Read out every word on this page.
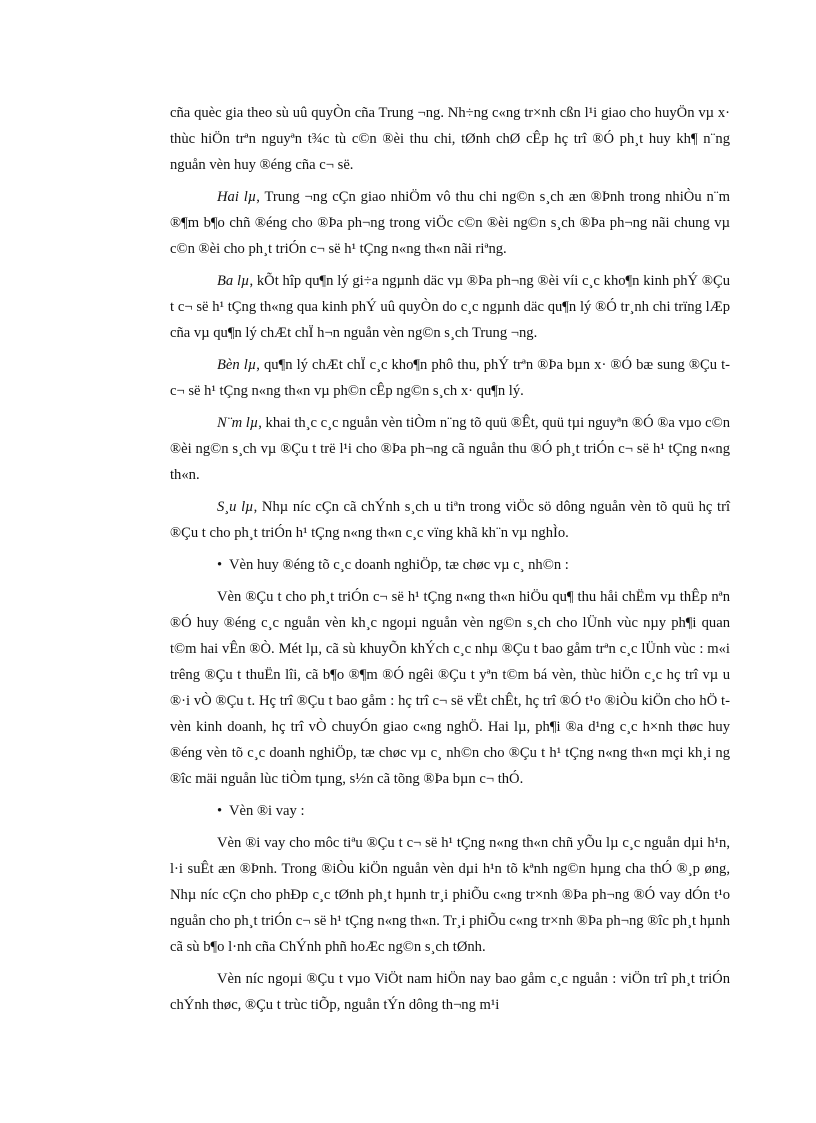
cña quèc gia theo sù uû quyÒn cña Trung ¬ng. Nh÷ng c«ng tr×nh cßn l¹i giao cho huyÖn vµ x· thùc hiÖn trªn nguyªn t¾c tù c©n ®èi thu chi, tØnh chØ cÊp hç trî ®Ó ph¸t huy kh¶ n¨ng nguån vèn huy ®éng cña c¬ së.

Hai lµ, Trung ¬ng cÇn giao nhiÖm vô thu chi ng©n s¸ch æn ®Þnh trong nhiÒu n¨m ®¶m b¶o chñ ®éng cho ®Þa ph¬ng trong viÖc c©n ®èi ng©n s¸ch ®Þa ph¬ng nãi chung vµ c©n ®èi cho ph¸t triÓn c¬ së h¹ tÇng n«ng th«n nãi riªng.

Ba lµ, kÕt hîp qu¶n lý gi÷a ngµnh däc vµ ®Þa ph¬ng ®èi víi c¸c kho¶n kinh phÝ ®Çu t c¬ së h¹ tÇng th«ng qua kinh phÝ uû quyÒn do c¸c ngµnh däc qu¶n lý ®Ó tr¸nh chi trïng lÆp cña vµ qu¶n lý chÆt chÏ h¬n nguån vèn ng©n s¸ch Trung ¬ng.

Bèn lµ, qu¶n lý chÆt chÏ c¸c kho¶n phô thu, phÝ trªn ®Þa bµn x· ®Ó bæ sung ®Çu t c¬ së h¹ tÇng n«ng th«n vµ ph©n cÊp ng©n s¸ch x· qu¶n lý.

N¨m lµ, khai th¸c c¸c nguån vèn tiÒm n¨ng tõ quü ®Êt, quü tµi nguyªn ®Ó ®a vµo c©n ®èi ng©n s¸ch vµ ®Çu t trë l¹i cho ®Þa ph¬ng cã nguån thu ®Ó ph¸t triÓn c¬ së h¹ tÇng n«ng th«n.

S¸u lµ, Nhµ níc cÇn cã chÝnh s¸ch u tiªn trong viÖc sö dông nguån vèn tõ quü hç trî ®Çu t cho ph¸t triÓn h¹ tÇng n«ng th«n c¸c vïng khã kh¨n vµ nghÌo.

• Vèn huy ®éng tõ c¸c doanh nghiÖp, tæ chøc vµ c¸ nh©n :

Vèn ®Çu t cho ph¸t triÓn c¬ së h¹ tÇng n«ng th«n hiÖu qu¶ thu håi chËm vµ thÊp nªn ®Ó huy ®éng c¸c nguån vèn kh¸c ngoµi nguån vèn ng©n s¸ch cho lÜnh vùc nµy ph¶i quan t©m hai vÊn ®Ò. Mét lµ, cã sù khuyÕn khÝch c¸c nhµ ®Çu t bao gåm trªn c¸c lÜnh vùc : m«i trêng ®Çu t thuËn lîi, cã b¶o ®¶m ®Ó ngêi ®Çu t yªn t©m bá vèn, thùc hiÖn c¸c hç trî vµ u ®·i vÒ ®Çu t. Hç trî ®Çu t bao gåm : hç trî c¬ së vËt chÊt, hç trî ®Ó t¹o ®iÒu kiÖn cho hÖ t vèn kinh doanh, hç trî vÒ chuyÓn giao c«ng nghÖ. Hai lµ, ph¶i ®a d¹ng c¸c h×nh thøc huy ®éng vèn tõ c¸c doanh nghiÖp, tæ chøc vµ c¸ nh©n cho ®Çu t h¹ tÇng n«ng th«n mçi kh¸i ng ®îc mäi nguån lùc tiÒm tµng, s½n cã tõng ®Þa bµn c¬ thÓ.

• Vèn ®i vay :

Vèn ®i vay cho môc tiªu ®Çu t c¬ së h¹ tÇng n«ng th«n chñ yÕu lµ c¸c nguån dµi h¹n, l·i suÊt æn ®Þnh. Trong ®iÒu kiÖn nguån vèn dµi h¹n tõ kªnh ng©n hµng cha thÓ ®¸p øng, Nhµ níc cÇn cho phÐp c¸c tØnh ph¸t hµnh tr¸i phiÕu c«ng tr×nh ®Þa ph¬ng ®Ó vay dÓn t¹o nguån cho ph¸t triÓn c¬ së h¹ tÇng n«ng th«n. Tr¸i phiÕu c«ng tr×nh ®Þa ph¬ng ®îc ph¸t hµnh cã sù b¶o l·nh cña ChÝnh phñ hoÆc ng©n s¸ch tØnh.

Vèn níc ngoµi ®Çu t vµo ViÖt nam hiÖn nay bao gåm c¸c nguån : viÖn trî ph¸t triÓn chÝnh thøc, ®Çu t trùc tiÕp, nguån tÝn dông th¬ng m¹i
